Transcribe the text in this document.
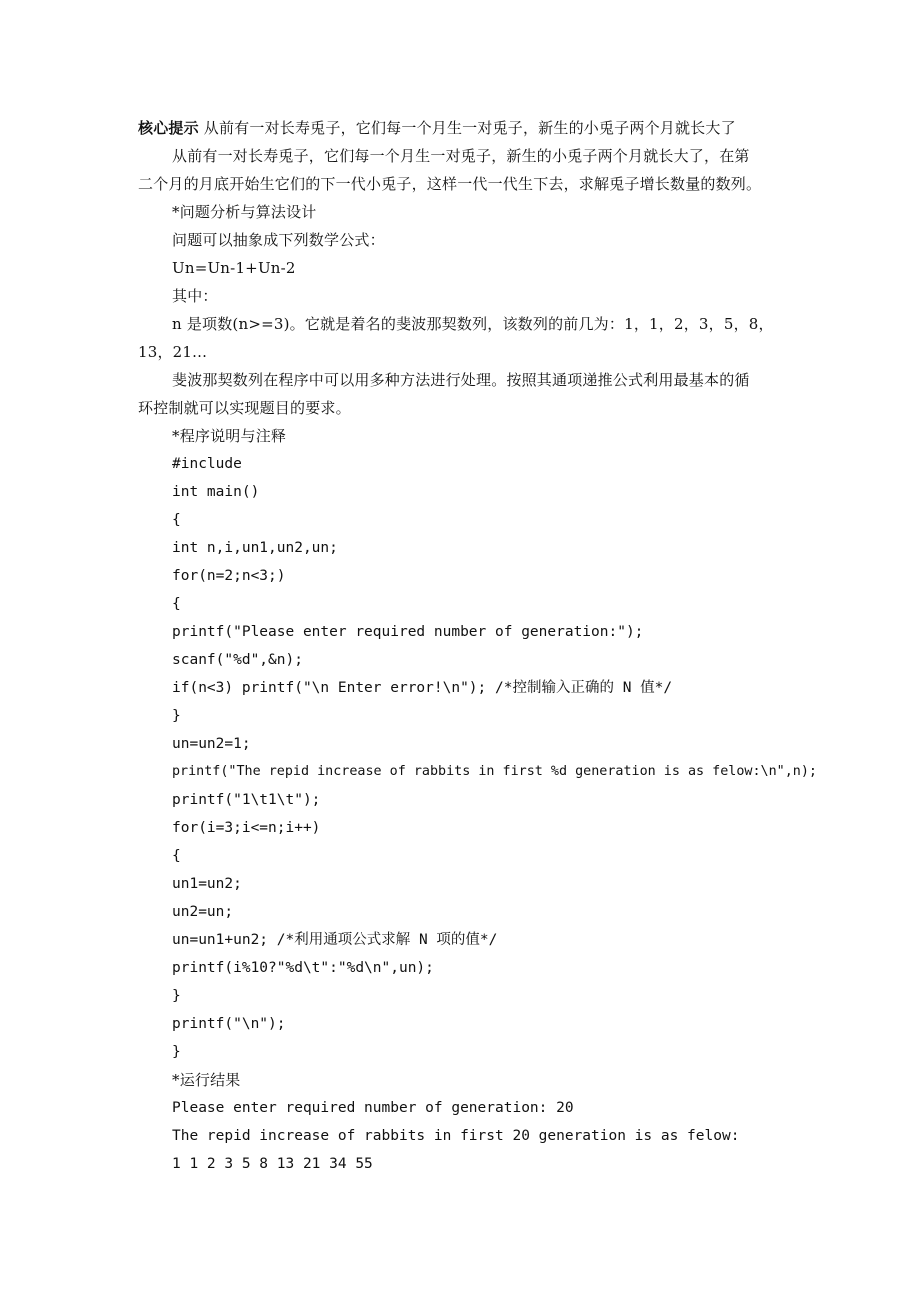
核心提示 从前有一对长寿兎子，它们每一个月生一对兎子，新生的小兎子两个月就长大了
从前有一对长寿兎子，它们每一个月生一对兎子，新生的小兎子两个月就长大了，在第
二个月的月底开始生它们的下一代小兎子，这样一代一代生下去，求解兎子增长数量的数列。
*问题分析与算法设计
问题可以抽象成下列数学公式：
Un=Un-1+Un-2
其中：
n 是项数(n>=3)。它就是着名的斐波那契数列，该数列的前几为：1，1，2，3，5，8，
13，21...
斐波那契数列在程序中可以用多种方法进行处理。按照其通项递推公式利用最基本的循
环控制就可以实现题目的要求。
*程序说明与注释
#include
int main()
{
int n,i,un1,un2,un;
for(n=2;n<3;)
{
printf("Please enter required number of generation:");
scanf("%d",&n);
if(n<3) printf("\n Enter error!\n"); /*控制输入正确的 N 值*/
}
un=un2=1;
printf("The repid increase of rabbits in first %d generation is as felow:\n",n);
printf("1\t1\t");
for(i=3;i<=n;i++)
{
un1=un2;
un2=un;
un=un1+un2; /*利用通项公式求解 N 项的值*/
printf(i%10?"%d\t":"%d\n",un);
}
printf("\n");
}
*运行结果
Please enter required number of generation: 20
The repid increase of rabbits in first 20 generation is as felow:
1 1 2 3 5 8 13 21 34 55
